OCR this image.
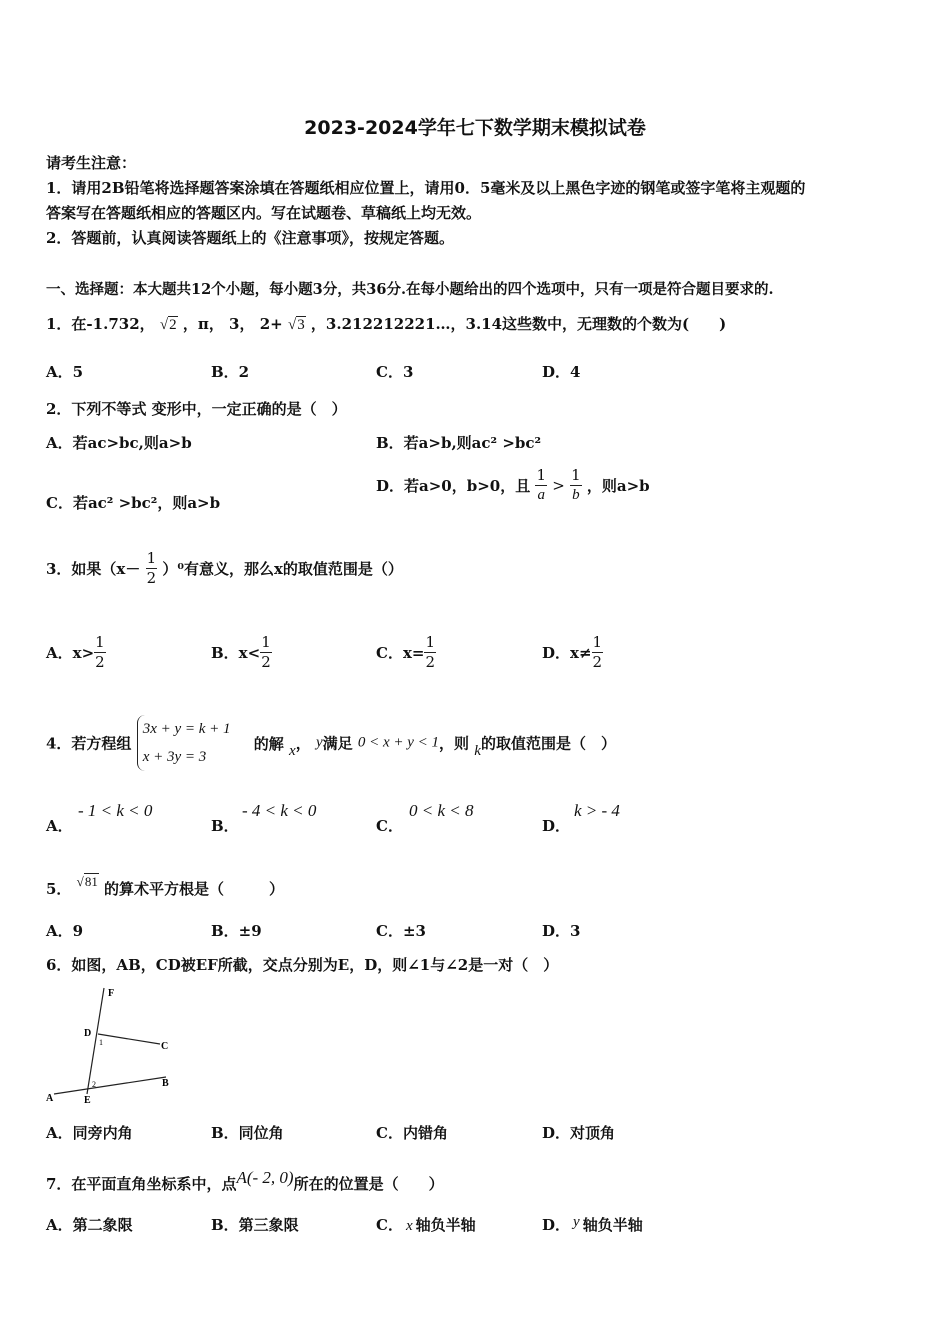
2023-2024学年七下数学期末模拟试卷
请考生注意：
1．请用2B铅笔将选择题答案涂填在答题纸相应位置上，请用0．5毫米及以上黑色字迹的钢笔或签字笔将主观题的
答案写在答题纸相应的答题区内。写在试题卷、草稿纸上均无效。
2．答题前，认真阅读答题纸上的《注意事项》，按规定答题。
一、选择题：本大题共12个小题，每小题3分，共36分.在每小题给出的四个选项中，只有一项是符合题目要求的.
1．在-1.732， √2 ，π， 3， 2+ √3 ，3.212212221…，3.14这些数中，无理数的个数为(　　)
A．5	B．2	C．3	D．4
2．下列不等式 变形中，一定正确的是（　）
A．若ac>bc,则a>b	B．若a>b,则ac² >bc²
C．若ac² >bc²，则a>b
D．若a>0，b>0，且 $\frac{1}{a} > \frac{1}{b}$ ，则a>b
3．如果$(x- \frac{1}{2} )^0$有意义，那么x的取值范围是（）
A．$x> \frac{1}{2}$	B．$x< \frac{1}{2}$	C．$x= \frac{1}{2}$	D．$x\ne \frac{1}{2}$
4．若方程组
3x + y = k + 1
x + 3y = 3
的解 x， y满足 0 < x + y < 1，则 k的取值范围是（　）
A．
- 1 < k < 0
B．
- 4 < k < 0
C．
0 < k < 8
D．
k > - 4
5． √81 的算术平方根是（　　　）
A．9	B．±9	C．±3	D．3
6．如图，AB，CD被EF所截，交点分别为E，D，则∠1与∠2是一对（　）
F
D
1	C
2	B
A	E
A．同旁内角	B．同位角	C．内错角	D．对顶角
7．在平面直角坐标系中，点A(- 2, 0)所在的位置是（　　）
A．第二象限	B．第三象限	C． x 轴负半轴	D． y 轴负半轴
